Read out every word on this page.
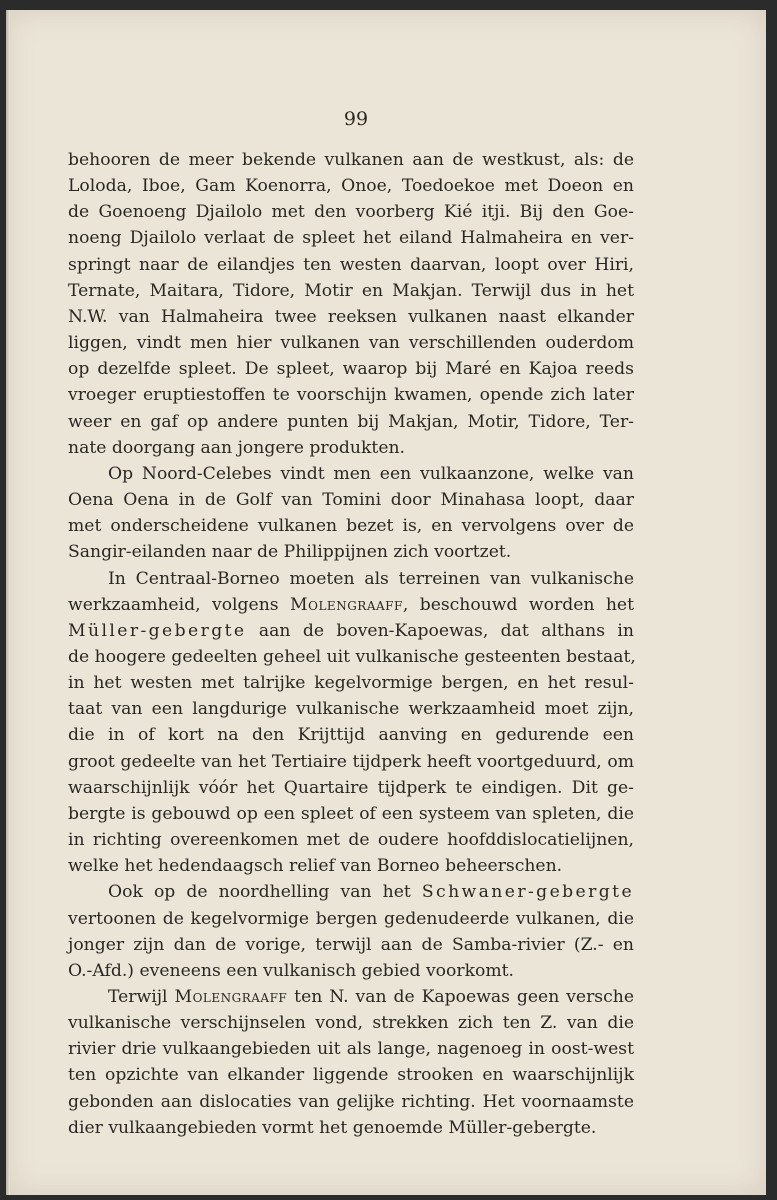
99

behooren de meer bekende vulkanen aan de westkust, als: de
Loloda, Iboe, Gam Koenorra, Onoe, Toedoekoe met Doeon en
de Goenoeng Djailolo met den voorberg Kié itji. Bij den Goe-
noeng Djailolo verlaat de spleet het eiland Halmaheira en ver-
springt naar de eilandjes ten westen daarvan, loopt over Hiri,
Ternate, Maitara, Tidore, Motir en Makjan. Terwijl dus in het
N.W. van Halmaheira twee reeksen vulkanen naast elkander
liggen, vindt men hier vulkanen van verschillenden ouderdom
op dezelfde spleet. De spleet, waarop bij Maré en Kajoa reeds
vroeger eruptiestoffen te voorschijn kwamen, opende zich later
weer en gaf op andere punten bij Makjan, Motir, Tidore, Ter-
nate doorgang aan jongere produkten.

Op Noord-Celebes vindt men een vulkaanzone, welke van
Oena Oena in de Golf van Tomini door Minahasa loopt, daar
met onderscheidene vulkanen bezet is, en vervolgens over de
Sangir-eilanden naar de Philippijnen zich voortzet.

In Centraal-Borneo moeten als terreinen van vulkanische
werkzaamheid, volgens Molengraaff, beschouwd worden het
Müller-gebergte aan de boven-Kapoewas, dat althans in
de hoogere gedeelten geheel uit vulkanische gesteenten bestaat,
in het westen met talrijke kegelvormige bergen, en het resul-
taat van een langdurige vulkanische werkzaamheid moet zijn,
die in of kort na den Krijttijd aanving en gedurende een
groot gedeelte van het Tertiaire tijdperk heeft voortgeduurd, om
waarschijnlijk vóór het Quartaire tijdperk te eindigen. Dit ge-
bergte is gebouwd op een spleet of een systeem van spleten, die
in richting overeenkomen met de oudere hoofddislocatielijnen,
welke het hedendaagsch relief van Borneo beheerschen.

Ook op de noordhelling van het Schwaner-gebergte
vertoonen de kegelvormige bergen gedenudeerde vulkanen, die
jonger zijn dan de vorige, terwijl aan de Samba-rivier (Z.- en
O.-Afd.) eveneens een vulkanisch gebied voorkomt.

Terwijl Molengraaff ten N. van de Kapoewas geen versche
vulkanische verschijnselen vond, strekken zich ten Z. van die
rivier drie vulkaangebieden uit als lange, nagenoeg in oost-west
ten opzichte van elkander liggende strooken en waarschijnlijk
gebonden aan dislocaties van gelijke richting. Het voornaamste
dier vulkaangebieden vormt het genoemde Müller-gebergte.
